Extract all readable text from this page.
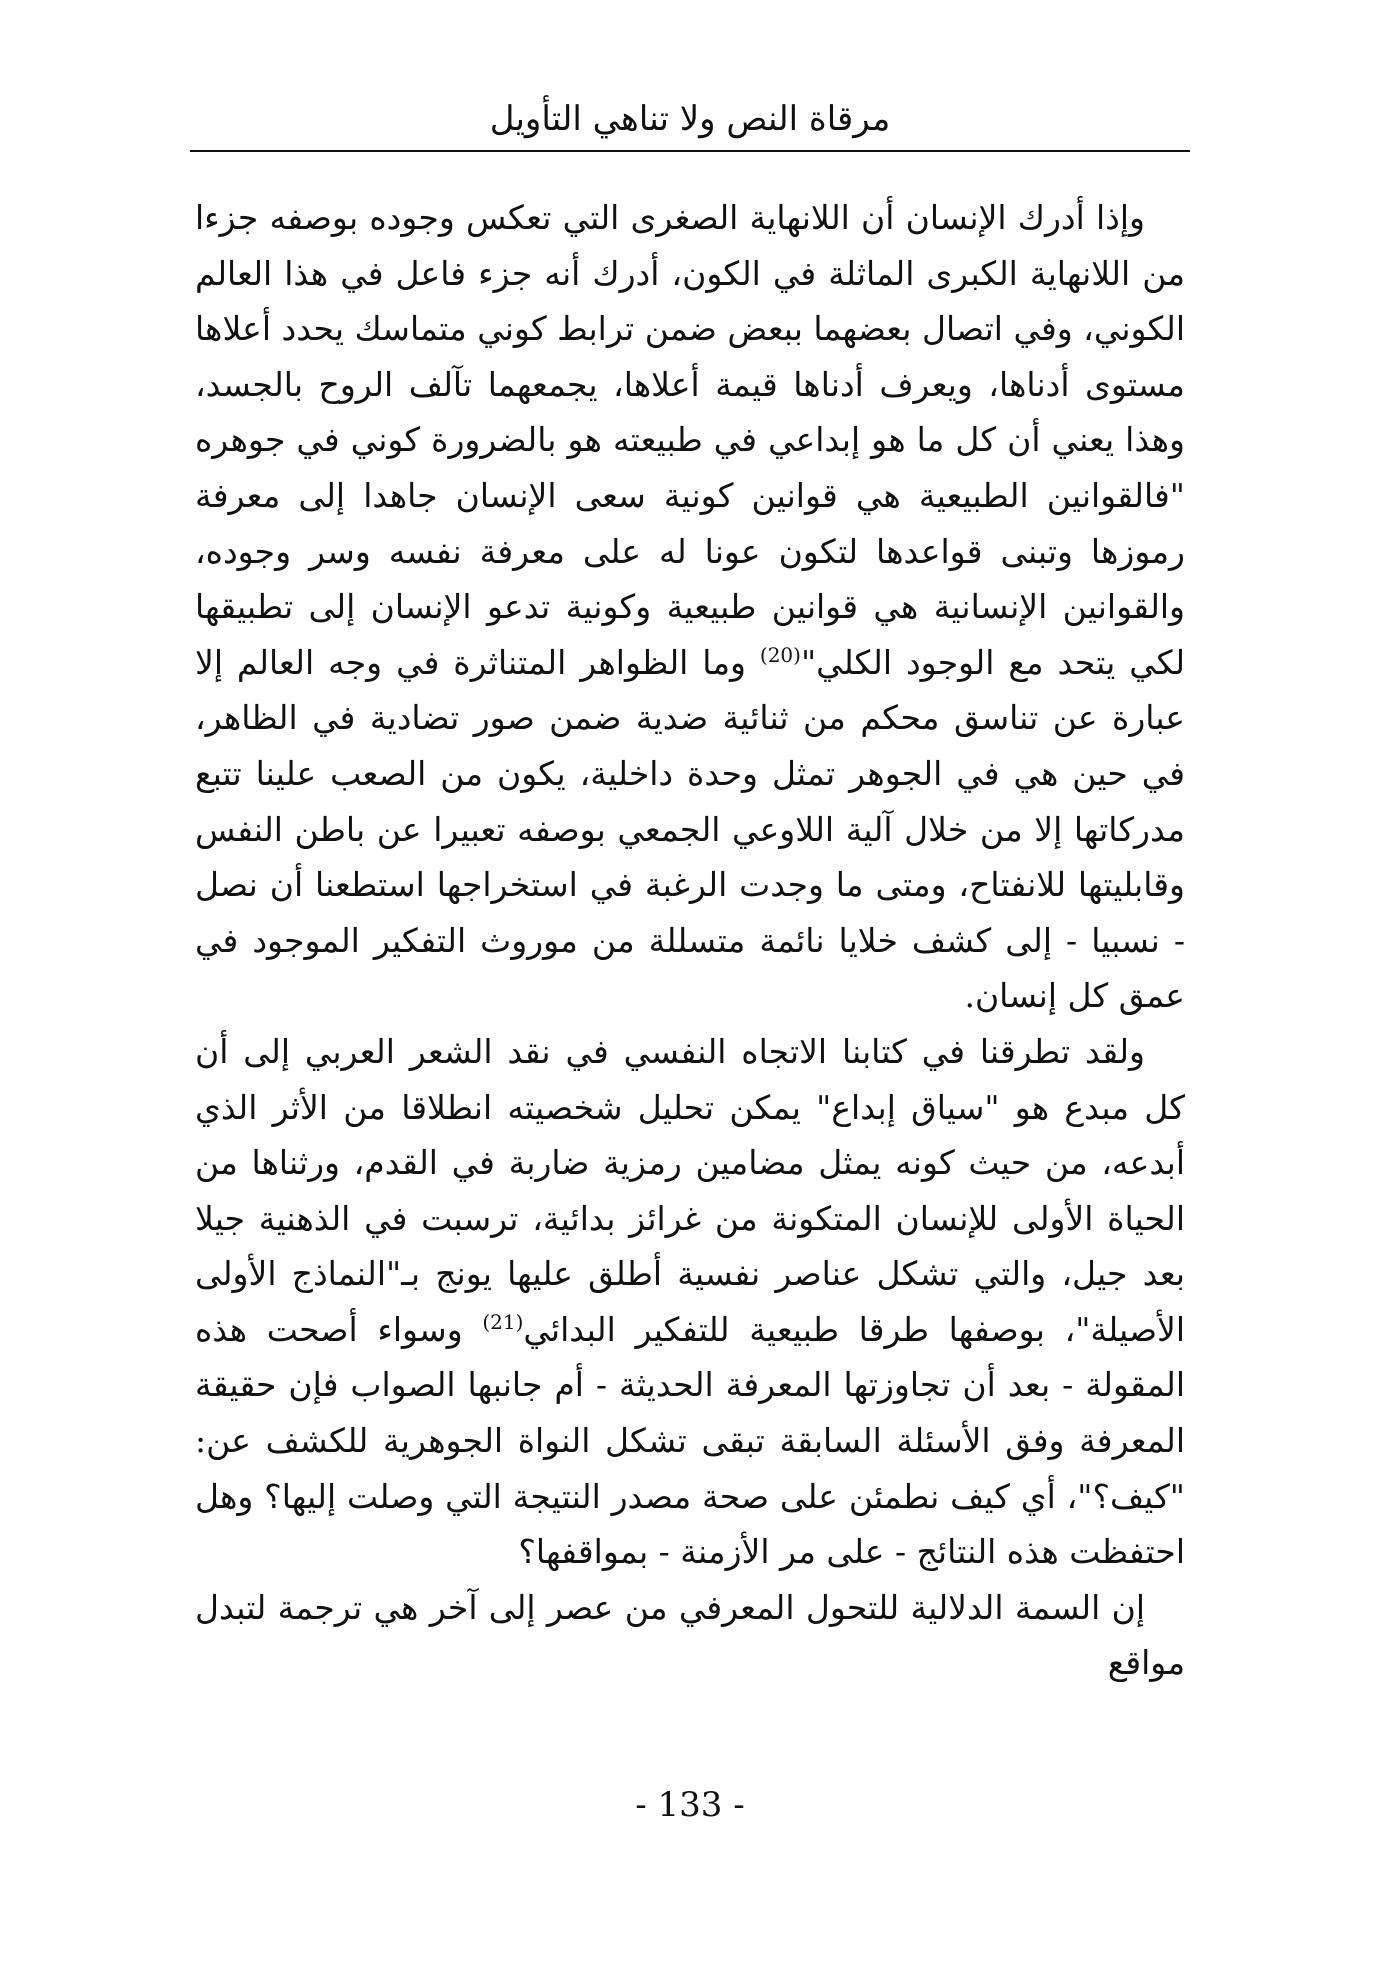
مرقاة النص ولا تناهي التأويل

وإذا أدرك الإنسان أن اللانهاية الصغرى التي تعكس وجوده بوصفه جزءا من اللانهاية الكبرى الماثلة في الكون، أدرك أنه جزء فاعل في هذا العالم الكوني، وفي اتصال بعضهما ببعض ضمن ترابط كوني متماسك يحدد أعلاها مستوى أدناها، ويعرف أدناها قيمة أعلاها، يجمعهما تآلف الروح بالجسد، وهذا يعني أن كل ما هو إبداعي في طبيعته هو بالضرورة كوني في جوهره "فالقوانين الطبيعية هي قوانين كونية سعى الإنسان جاهدا إلى معرفة رموزها وتبنى قواعدها لتكون عونا له على معرفة نفسه وسر وجوده، والقوانين الإنسانية هي قوانين طبيعية وكونية تدعو الإنسان إلى تطبيقها لكي يتحد مع الوجود الكلي"$^{(20)}$ وما الظواهر المتناثرة في وجه العالم إلا عبارة عن تناسق محكم من ثنائية ضدية ضمن صور تضادية في الظاهر، في حين هي في الجوهر تمثل وحدة داخلية، يكون من الصعب علينا تتبع مدركاتها إلا من خلال آلية اللاوعي الجمعي بوصفه تعبيرا عن باطن النفس وقابليتها للانفتاح، ومتى ما وجدت الرغبة في استخراجها استطعنا أن نصل - نسبيا - إلى كشف خلايا نائمة متسللة من موروث التفكير الموجود في عمق كل إنسان.

ولقد تطرقنا في كتابنا الاتجاه النفسي في نقد الشعر العربي إلى أن كل مبدع هو "سياق إبداع" يمكن تحليل شخصيته انطلاقا من الأثر الذي أبدعه، من حيث كونه يمثل مضامين رمزية ضاربة في القدم، ورثناها من الحياة الأولى للإنسان المتكونة من غرائز بدائية، ترسبت في الذهنية جيلا بعد جيل، والتي تشكل عناصر نفسية أطلق عليها يونج بـ"النماذج الأولى الأصيلة"، بوصفها طرقا طبيعية للتفكير البدائي$^{(21)}$ وسواء أصحت هذه المقولة - بعد أن تجاوزتها المعرفة الحديثة - أم جانبها الصواب فإن حقيقة المعرفة وفق الأسئلة السابقة تبقى تشكل النواة الجوهرية للكشف عن: "كيف؟"، أي كيف نطمئن على صحة مصدر النتيجة التي وصلت إليها؟ وهل احتفظت هذه النتائج - على مر الأزمنة - بمواقفها؟

إن السمة الدلالية للتحول المعرفي من عصر إلى آخر هي ترجمة لتبدل مواقع

- 133 -
